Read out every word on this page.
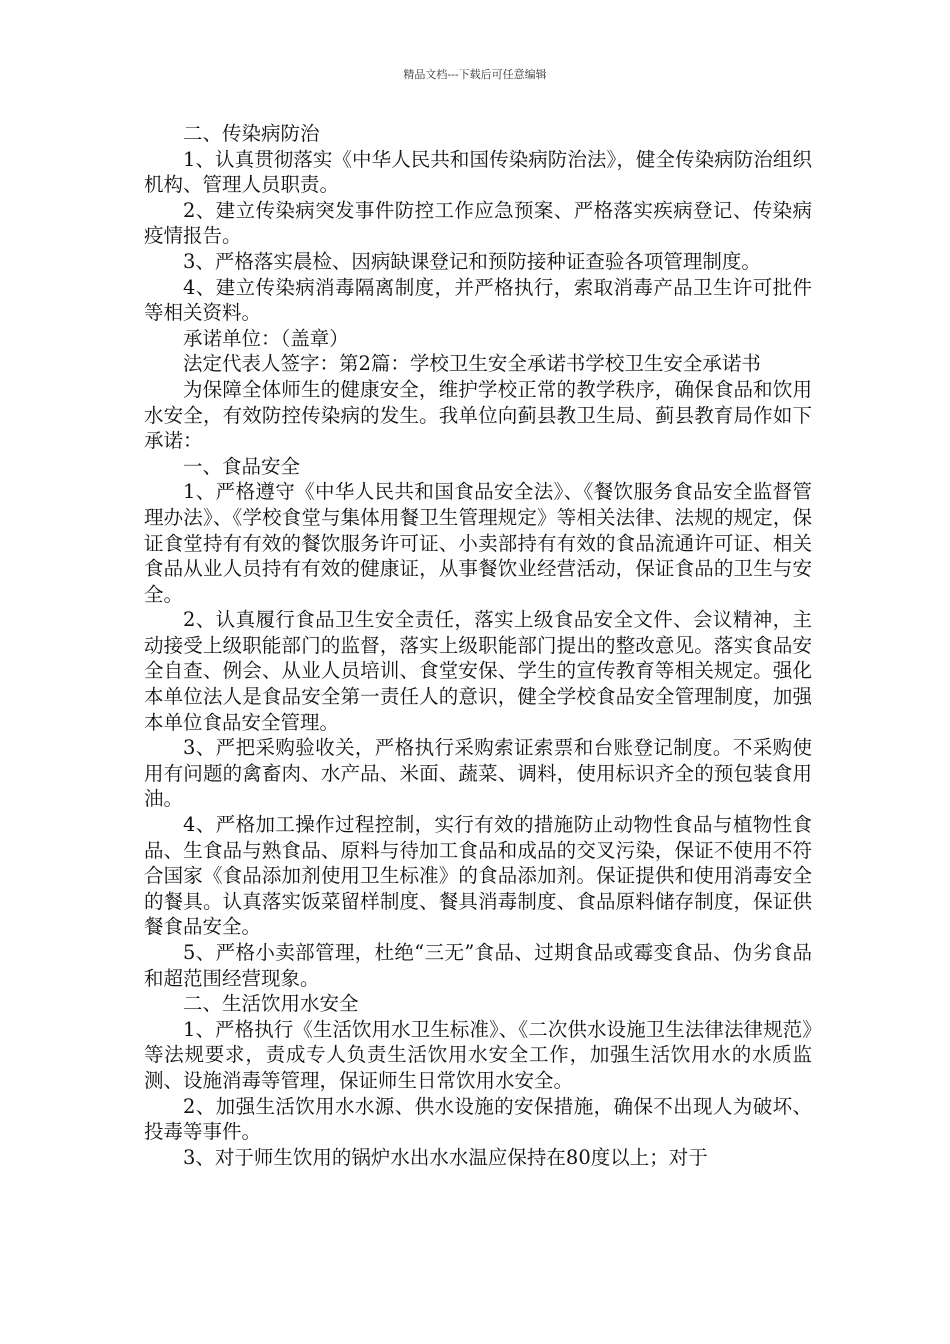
精品文档---下载后可任意编辑

二、传染病防治

1、认真贯彻落实《中华人民共和国传染病防治法》，健全传染病防治组织机构、管理人员职责。

2、建立传染病突发事件防控工作应急预案、严格落实疾病登记、传染病疫情报告。

3、严格落实晨检、因病缺课登记和预防接种证查验各项管理制度。

4、建立传染病消毒隔离制度，并严格执行，索取消毒产品卫生许可批件等相关资料。

承诺单位：（盖章）

法定代表人签字：第2篇：学校卫生安全承诺书学校卫生安全承诺书

为保障全体师生的健康安全，维护学校正常的教学秩序，确保食品和饮用水安全，有效防控传染病的发生。我单位向蓟县教卫生局、蓟县教育局作如下承诺：

一、食品安全

1、严格遵守《中华人民共和国食品安全法》、《餐饮服务食品安全监督管理办法》、《学校食堂与集体用餐卫生管理规定》等相关法律、法规的规定，保证食堂持有有效的餐饮服务许可证、小卖部持有有效的食品流通许可证、相关食品从业人员持有有效的健康证，从事餐饮业经营活动，保证食品的卫生与安全。

2、认真履行食品卫生安全责任，落实上级食品安全文件、会议精神，主动接受上级职能部门的监督，落实上级职能部门提出的整改意见。落实食品安全自查、例会、从业人员培训、食堂安保、学生的宣传教育等相关规定。强化本单位法人是食品安全第一责任人的意识，健全学校食品安全管理制度，加强本单位食品安全管理。

3、严把采购验收关，严格执行采购索证索票和台账登记制度。不采购使用有问题的禽畜肉、水产品、米面、蔬菜、调料，使用标识齐全的预包装食用油。

4、严格加工操作过程控制，实行有效的措施防止动物性食品与植物性食品、生食品与熟食品、原料与待加工食品和成品的交叉污染，保证不使用不符合国家《食品添加剂使用卫生标准》的食品添加剂。保证提供和使用消毒安全的餐具。认真落实饭菜留样制度、餐具消毒制度、食品原料储存制度，保证供餐食品安全。

5、严格小卖部管理，杜绝“三无”食品、过期食品或霉变食品、伪劣食品和超范围经营现象。

二、生活饮用水安全

1、严格执行《生活饮用水卫生标准》、《二次供水设施卫生法律法律规范》等法规要求，责成专人负责生活饮用水安全工作，加强生活饮用水的水质监测、设施消毒等管理，保证师生日常饮用水安全。

2、加强生活饮用水水源、供水设施的安保措施，确保不出现人为破坏、投毒等事件。

3、对于师生饮用的锅炉水出水水温应保持在80度以上；对于
